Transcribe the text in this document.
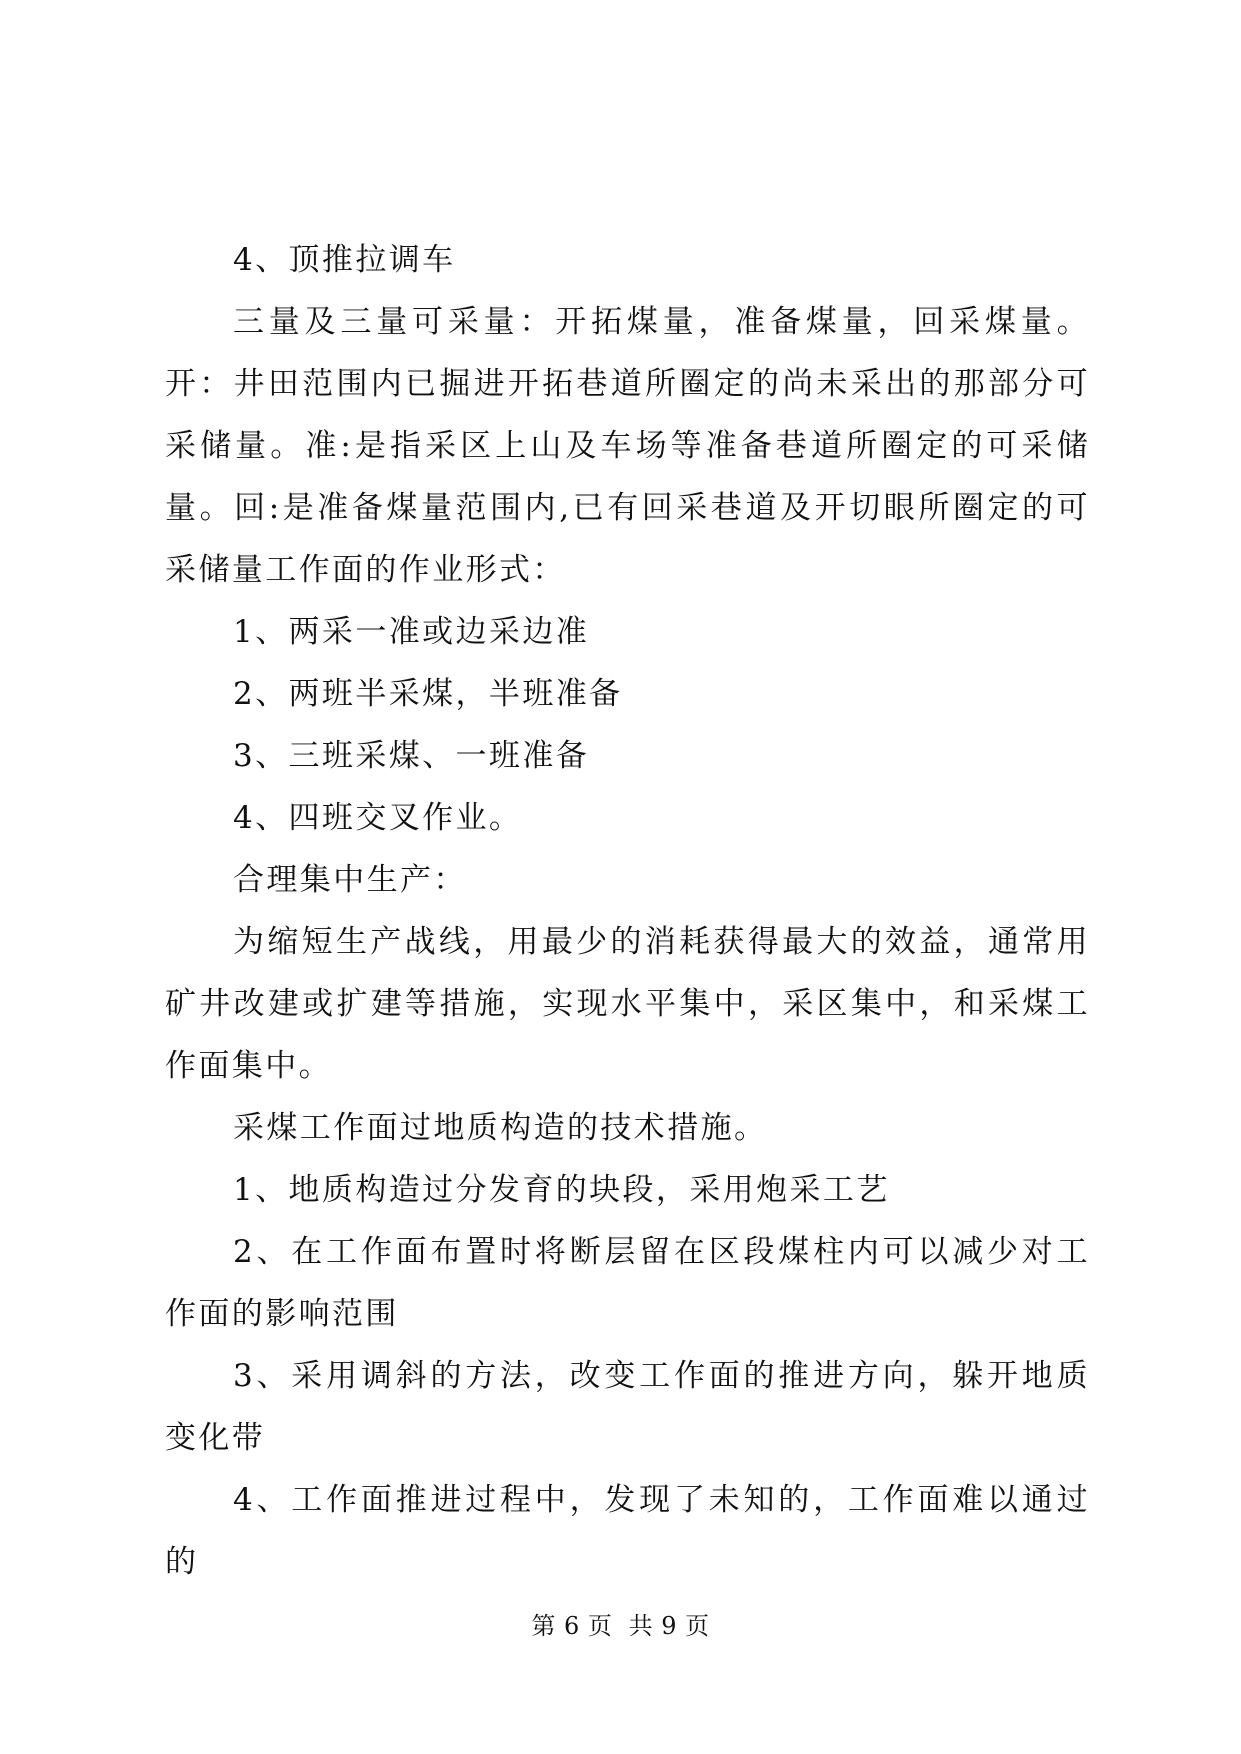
4、顶推拉调车

三量及三量可采量：开拓煤量，准备煤量，回采煤量。开：井田范围内已掘进开拓巷道所圈定的尚未采出的那部分可采储量。准:是指采区上山及车场等准备巷道所圈定的可采储量。回:是准备煤量范围内,已有回采巷道及开切眼所圈定的可采储量工作面的作业形式：

1、两采一准或边采边准

2、两班半采煤，半班准备

3、三班采煤、一班准备

4、四班交叉作业。

合理集中生产：

为缩短生产战线，用最少的消耗获得最大的效益，通常用矿井改建或扩建等措施，实现水平集中，采区集中，和采煤工作面集中。

采煤工作面过地质构造的技术措施。

1、地质构造过分发育的块段，采用炮采工艺

2、在工作面布置时将断层留在区段煤柱内可以减少对工作面的影响范围

3、采用调斜的方法，改变工作面的推进方向，躲开地质变化带

4、工作面推进过程中，发现了未知的，工作面难以通过的

第 6 页 共 9 页
